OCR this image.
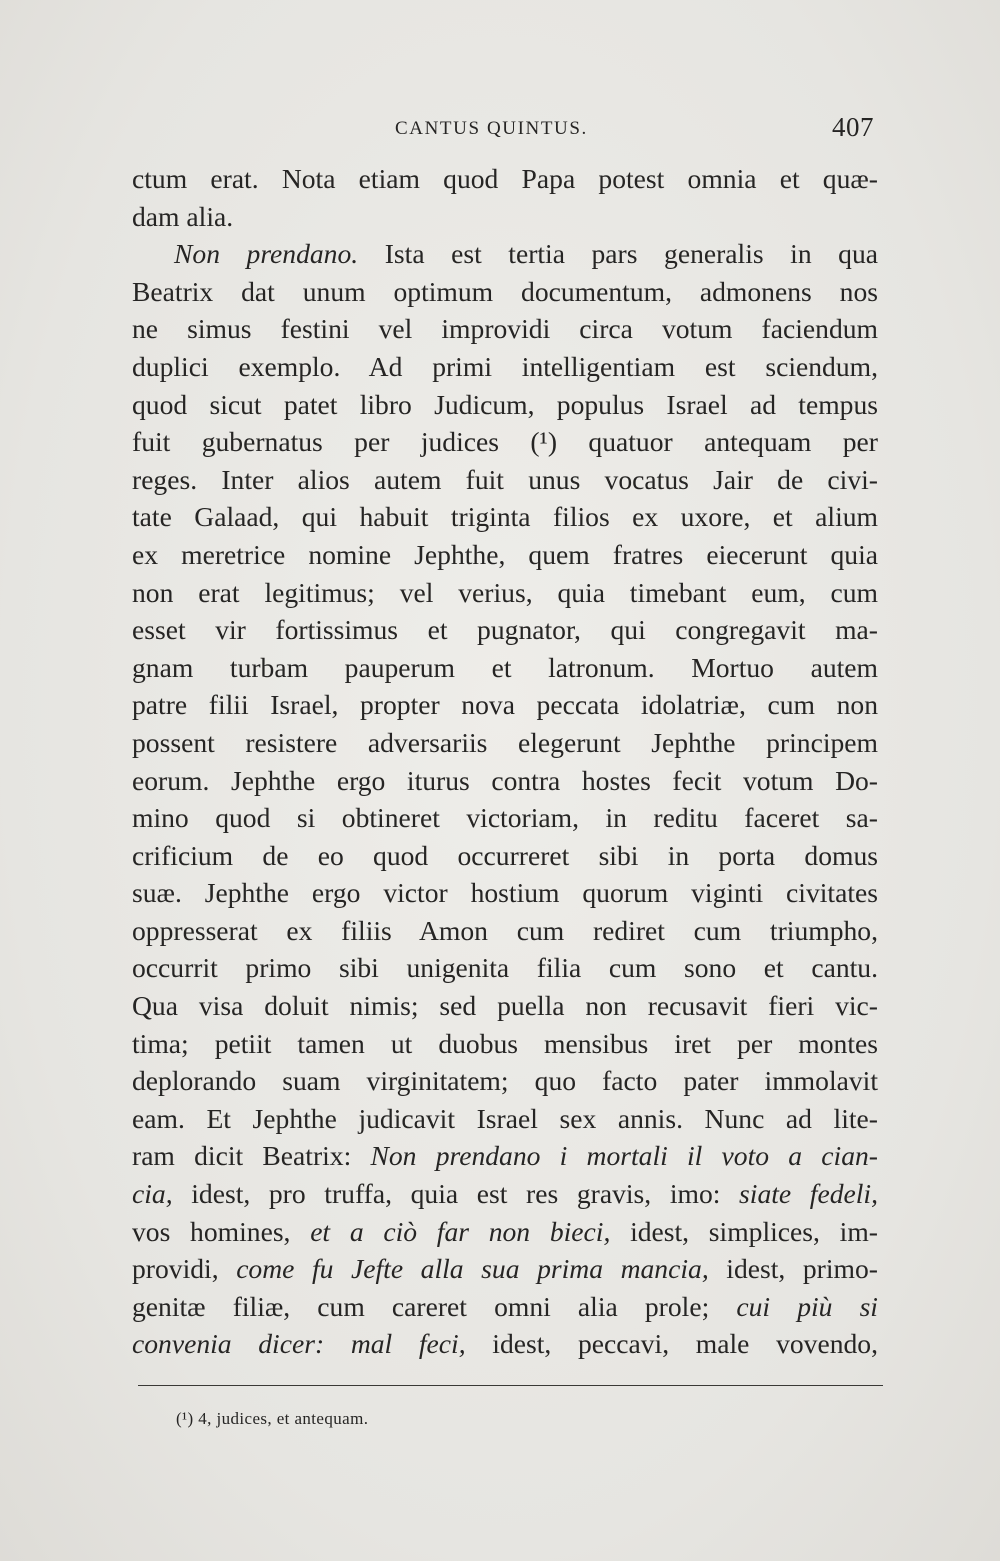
CANTUS QUINTUS.	407
ctum erat. Nota etiam quod Papa potest omnia et quæ-
dam alia.
Non prendano. Ista est tertia pars generalis in qua
Beatrix dat unum optimum documentum, admonens nos
ne simus festini vel improvidi circa votum faciendum
duplici exemplo. Ad primi intelligentiam est sciendum,
quod sicut patet libro Judicum, populus Israel ad tempus
fuit gubernatus per judices (¹) quatuor antequam per
reges. Inter alios autem fuit unus vocatus Jair de civi-
tate Galaad, qui habuit triginta filios ex uxore, et alium
ex meretrice nomine Jephthe, quem fratres eiecerunt quia
non erat legitimus; vel verius, quia timebant eum, cum
esset vir fortissimus et pugnator, qui congregavit ma-
gnam turbam pauperum et latronum. Mortuo autem
patre filii Israel, propter nova peccata idolatriæ, cum non
possent resistere adversariis elegerunt Jephthe principem
eorum. Jephthe ergo iturus contra hostes fecit votum Do-
mino quod si obtineret victoriam, in reditu faceret sa-
crificium de eo quod occurreret sibi in porta domus
suæ. Jephthe ergo victor hostium quorum viginti civitates
oppresserat ex filiis Amon cum rediret cum triumpho,
occurrit primo sibi unigenita filia cum sono et cantu.
Qua visa doluit nimis; sed puella non recusavit fieri vic-
tima; petiit tamen ut duobus mensibus iret per montes
deplorando suam virginitatem; quo facto pater immolavit
eam. Et Jephthe judicavit Israel sex annis. Nunc ad lite-
ram dicit Beatrix: Non prendano i mortali il voto a cian-
cia, idest, pro truffa, quia est res gravis, imo: siate fedeli,
vos homines, et a ciò far non bieci, idest, simplices, im-
providi, come fu Jefte alla sua prima mancia, idest, primo-
genitæ filiæ, cum careret omni alia prole; cui più si
convenia dicer: mal feci, idest, peccavi, male vovendo,
(¹) 4, judices, et antequam.
